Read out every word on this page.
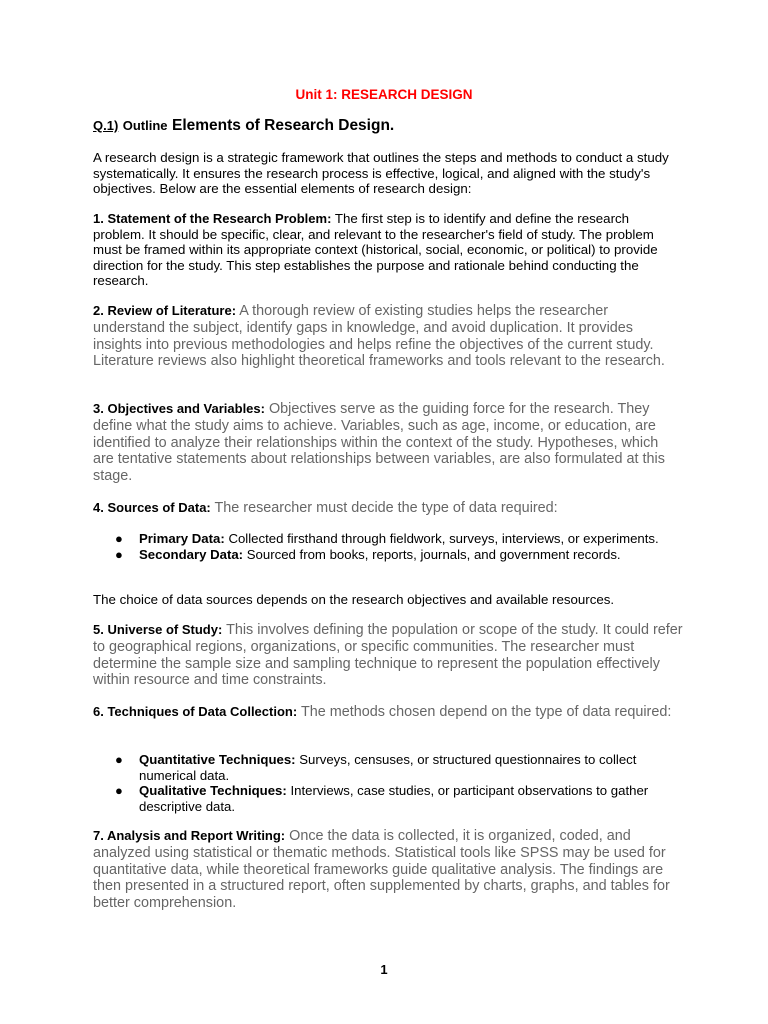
Unit 1: RESEARCH DESIGN
Q.1) Outline Elements of Research Design.

A research design is a strategic framework that outlines the steps and methods to conduct a study systematically. It ensures the research process is effective, logical, and aligned with the study's objectives. Below are the essential elements of research design:

1. Statement of the Research Problem: The first step is to identify and define the research problem. It should be specific, clear, and relevant to the researcher's field of study. The problem must be framed within its appropriate context (historical, social, economic, or political) to provide direction for the study. This step establishes the purpose and rationale behind conducting the research.

2. Review of Literature: A thorough review of existing studies helps the researcher understand the subject, identify gaps in knowledge, and avoid duplication. It provides insights into previous methodologies and helps refine the objectives of the current study. Literature reviews also highlight theoretical frameworks and tools relevant to the research.

3. Objectives and Variables: Objectives serve as the guiding force for the research. They define what the study aims to achieve. Variables, such as age, income, or education, are identified to analyze their relationships within the context of the study. Hypotheses, which are tentative statements about relationships between variables, are also formulated at this stage.

4. Sources of Data: The researcher must decide the type of data required:

● Primary Data: Collected firsthand through fieldwork, surveys, interviews, or experiments.
● Secondary Data: Sourced from books, reports, journals, and government records.

The choice of data sources depends on the research objectives and available resources.

5. Universe of Study: This involves defining the population or scope of the study. It could refer to geographical regions, organizations, or specific communities. The researcher must determine the sample size and sampling technique to represent the population effectively within resource and time constraints.

6. Techniques of Data Collection: The methods chosen depend on the type of data required:

● Quantitative Techniques: Surveys, censuses, or structured questionnaires to collect numerical data.
● Qualitative Techniques: Interviews, case studies, or participant observations to gather descriptive data.

7. Analysis and Report Writing: Once the data is collected, it is organized, coded, and analyzed using statistical or thematic methods. Statistical tools like SPSS may be used for quantitative data, while theoretical frameworks guide qualitative analysis. The findings are then presented in a structured report, often supplemented by charts, graphs, and tables for better comprehension.

1
